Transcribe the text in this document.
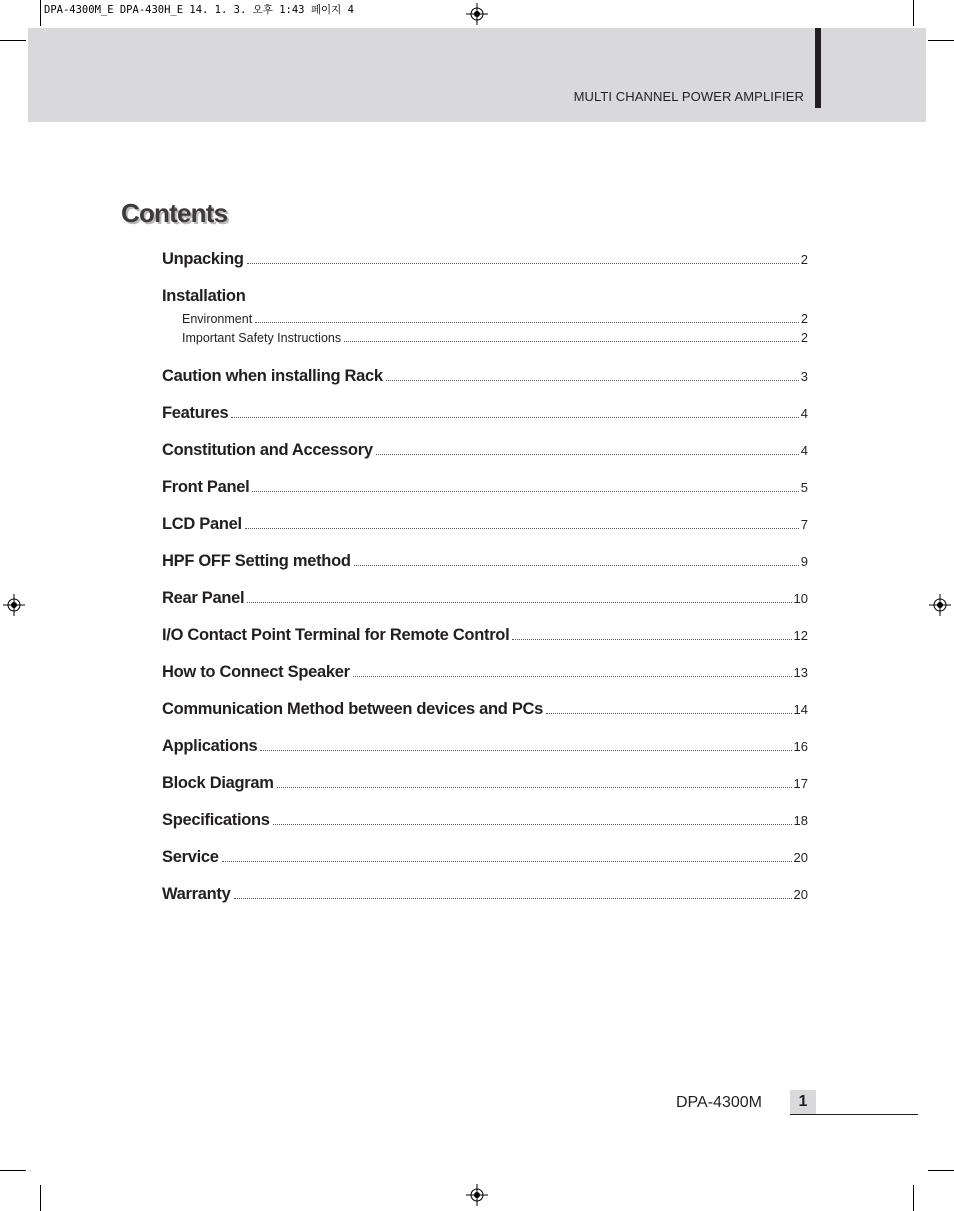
DPA-4300M_E DPA-430H_E 14. 1. 3. 오후 1:43 페이지 4
MULTI CHANNEL POWER AMPLIFIER
Contents
Unpacking	2
Installation
Environment	2
Important Safety Instructions	2
Caution when installing Rack	3
Features	4
Constitution and Accessory	4
Front Panel	5
LCD Panel	7
HPF OFF Setting method	9
Rear Panel	10
I/O Contact Point Terminal for Remote Control	12
How to Connect Speaker	13
Communication Method between devices and PCs	14
Applications	16
Block Diagram	17
Specifications	18
Service	20
Warranty	20
DPA-4300M	1
